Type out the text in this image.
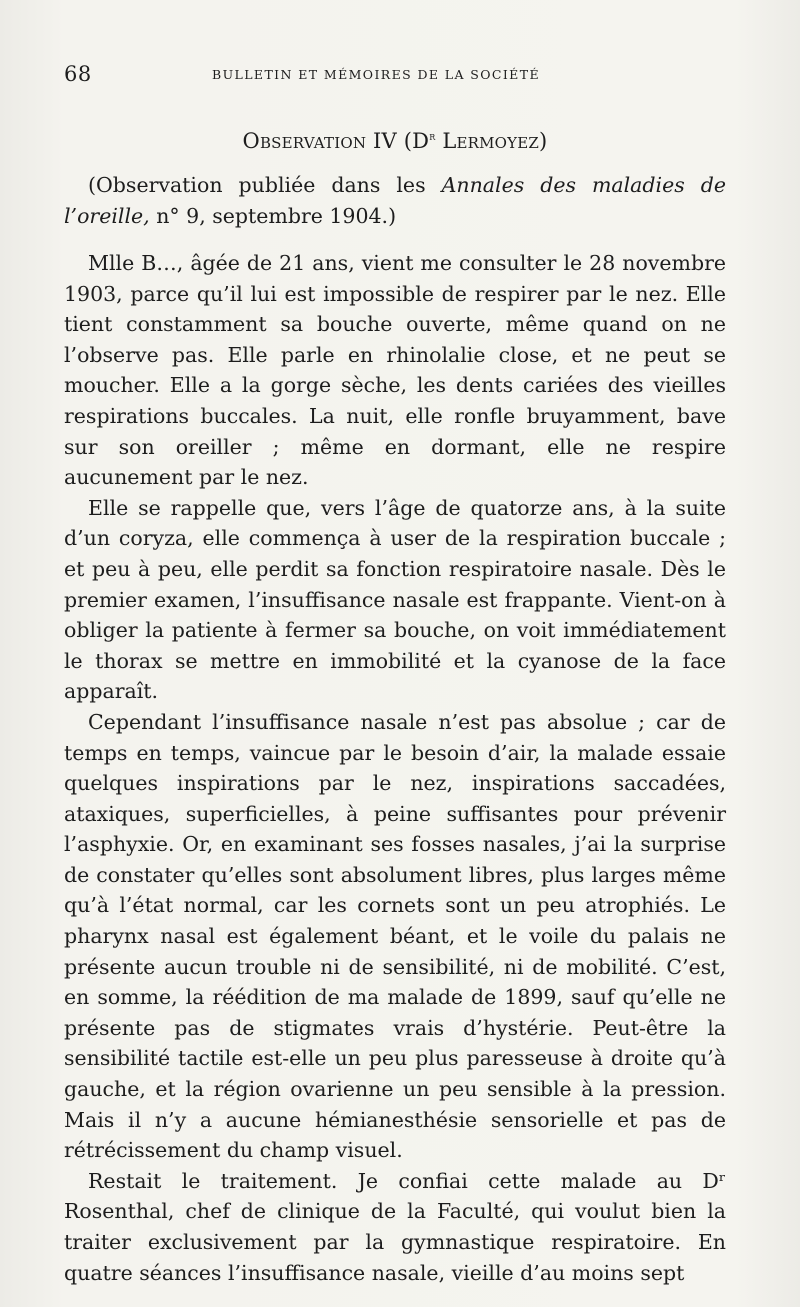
68	BULLETIN ET MÉMOIRES DE LA SOCIÉTÉ
Observation IV ($D^r$ Lermoyez)

(Observation publiée dans les Annales des maladies de l’oreille, n° 9, septembre 1904.)

Mlle B…, âgée de 21 ans, vient me consulter le 28 novembre 1903, parce qu’il lui est impossible de respirer par le nez. Elle tient constamment sa bouche ouverte, même quand on ne l’observe pas. Elle parle en rhinolalie close, et ne peut se moucher. Elle a la gorge sèche, les dents cariées des vieilles respirations buccales. La nuit, elle ronfle bruyamment, bave sur son oreiller ; même en dormant, elle ne respire aucunement par le nez.

Elle se rappelle que, vers l’âge de quatorze ans, à la suite d’un coryza, elle commença à user de la respiration buccale ; et peu à peu, elle perdit sa fonction respiratoire nasale. Dès le premier examen, l’insuffisance nasale est frappante. Vient-on à obliger la patiente à fermer sa bouche, on voit immédiatement le thorax se mettre en immobilité et la cyanose de la face apparaît.

Cependant l’insuffisance nasale n’est pas absolue ; car de temps en temps, vaincue par le besoin d’air, la malade essaie quelques inspirations par le nez, inspirations saccadées, ataxiques, superficielles, à peine suffisantes pour prévenir l’asphyxie. Or, en examinant ses fosses nasales, j’ai la surprise de constater qu’elles sont absolument libres, plus larges même qu’à l’état normal, car les cornets sont un peu atrophiés. Le pharynx nasal est également béant, et le voile du palais ne présente aucun trouble ni de sensibilité, ni de mobilité. C’est, en somme, la réédition de ma malade de 1899, sauf qu’elle ne présente pas de stigmates vrais d’hystérie. Peut-être la sensibilité tactile est-elle un peu plus paresseuse à droite qu’à gauche, et la région ovarienne un peu sensible à la pression. Mais il n’y a aucune hémianesthésie sensorielle et pas de rétrécissement du champ visuel.

Restait le traitement. Je confiai cette malade au Dʳ Rosenthal, chef de clinique de la Faculté, qui voulut bien la traiter exclusivement par la gymnastique respiratoire. En quatre séances l’insuffisance nasale, vieille d’au moins sept
